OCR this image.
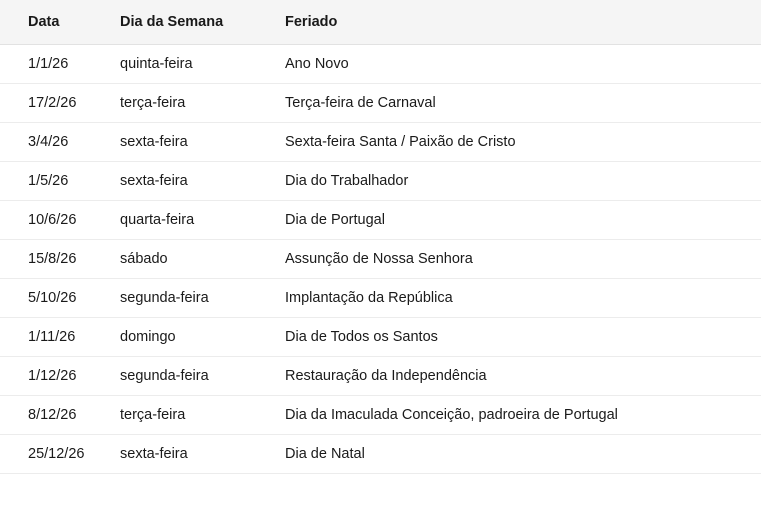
Data	Dia da Semana	Feriado
1/1/26	quinta-feira	Ano Novo
17/2/26	terça-feira	Terça-feira de Carnaval
3/4/26	sexta-feira	Sexta-feira Santa / Paixão de Cristo
1/5/26	sexta-feira	Dia do Trabalhador
10/6/26	quarta-feira	Dia de Portugal
15/8/26	sábado	Assunção de Nossa Senhora
5/10/26	segunda-feira	Implantação da República
1/11/26	domingo	Dia de Todos os Santos
1/12/26	segunda-feira	Restauração da Independência
8/12/26	terça-feira	Dia da Imaculada Conceição, padroeira de Portugal
25/12/26	sexta-feira	Dia de Natal
